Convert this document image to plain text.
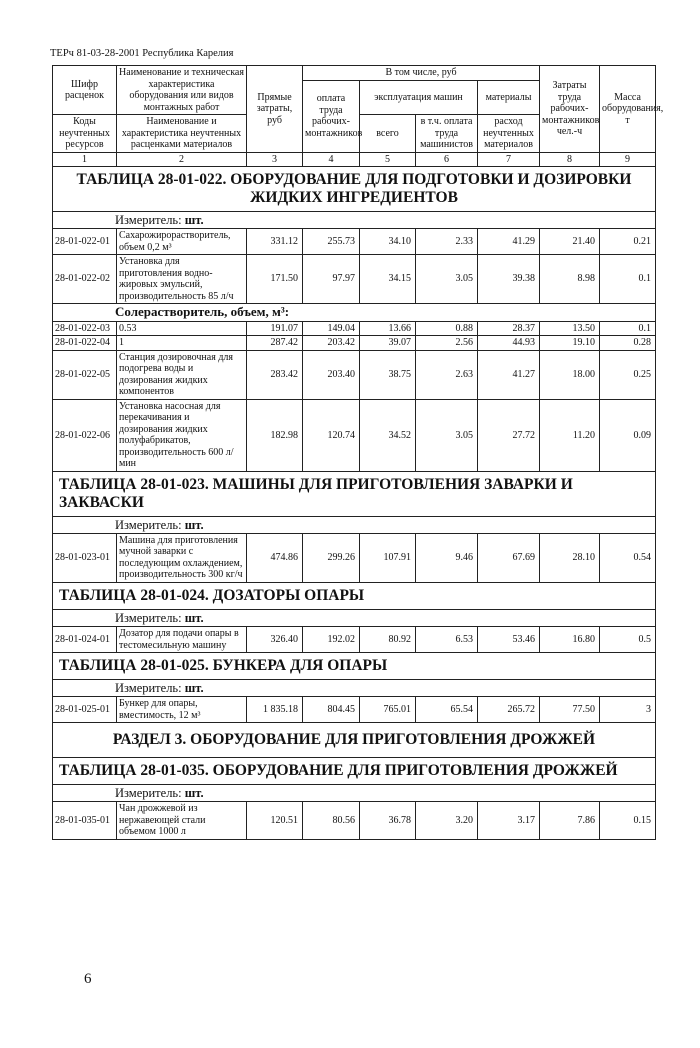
ТЕРч 81-03-28-2001 Республика Карелия
Шифр расценок	Наименование и техническая характеристика оборудования или видов монтажных работ	Прямые затраты, руб	В том числе, руб				Затраты труда рабочих-монтажников чел.-ч	Масса оборудования, т
			оплата труда рабочих-монтажников	эксплуатация машин		материалы		
Коды неучтенных ресурсов	Наименование и характеристика неучтенных расценками материалов			всего	в т.ч. оплата труда машинистов	расход неучтенных материалов		

1	2	3	4	5	6	7	8	9
ТАБЛИЦА 28-01-022. ОБОРУДОВАНИЕ ДЛЯ ПОДГОТОВКИ И ДОЗИРОВКИ ЖИДКИХ ИНГРЕДИЕНТОВ								
Измеритель: шт.								
28-01-022-01	Сахарожирорастворитель, объем 0,2 м³	331.12	255.73	34.10	2.33	41.29	21.40	0.21
28-01-022-02	Установка для приготовления водно-жировых эмульсий, производительность 85 л/ч	171.50	97.97	34.15	3.05	39.38	8.98	0.1
Солерастворитель, объем, м³:								
28-01-022-03	0.53	191.07	149.04	13.66	0.88	28.37	13.50	0.1
28-01-022-04	1	287.42	203.42	39.07	2.56	44.93	19.10	0.28
28-01-022-05	Станция дозировочная для подогрева воды и дозирования жидких компонентов	283.42	203.40	38.75	2.63	41.27	18.00	0.25
28-01-022-06	Установка насосная для перекачивания и дозирования жидких полуфабрикатов, производительность 600 л/мин	182.98	120.74	34.52	3.05	27.72	11.20	0.09
ТАБЛИЦА 28-01-023. МАШИНЫ ДЛЯ ПРИГОТОВЛЕНИЯ ЗАВАРКИ И ЗАКВАСКИ								
Измеритель: шт.								
28-01-023-01	Машина для приготовления мучной заварки с последующим охлаждением, производительность 300 кг/ч	474.86	299.26	107.91	9.46	67.69	28.10	0.54
ТАБЛИЦА 28-01-024. ДОЗАТОРЫ ОПАРЫ								
Измеритель: шт.								
28-01-024-01	Дозатор для подачи опары в тестомесильную машину	326.40	192.02	80.92	6.53	53.46	16.80	0.5
ТАБЛИЦА 28-01-025. БУНКЕРА ДЛЯ ОПАРЫ								
Измеритель: шт.								
28-01-025-01	Бункер для опары, вместимость, 12 м³	1 835.18	804.45	765.01	65.54	265.72	77.50	3
РАЗДЕЛ 3. ОБОРУДОВАНИЕ ДЛЯ ПРИГОТОВЛЕНИЯ ДРОЖЖЕЙ								
ТАБЛИЦА 28-01-035. ОБОРУДОВАНИЕ ДЛЯ ПРИГОТОВЛЕНИЯ ДРОЖЖЕЙ								
Измеритель: шт.								
28-01-035-01	Чан дрожжевой из нержавеющей стали объемом 1000 л	120.51	80.56	36.78	3.20	3.17	7.86	0.15
6
